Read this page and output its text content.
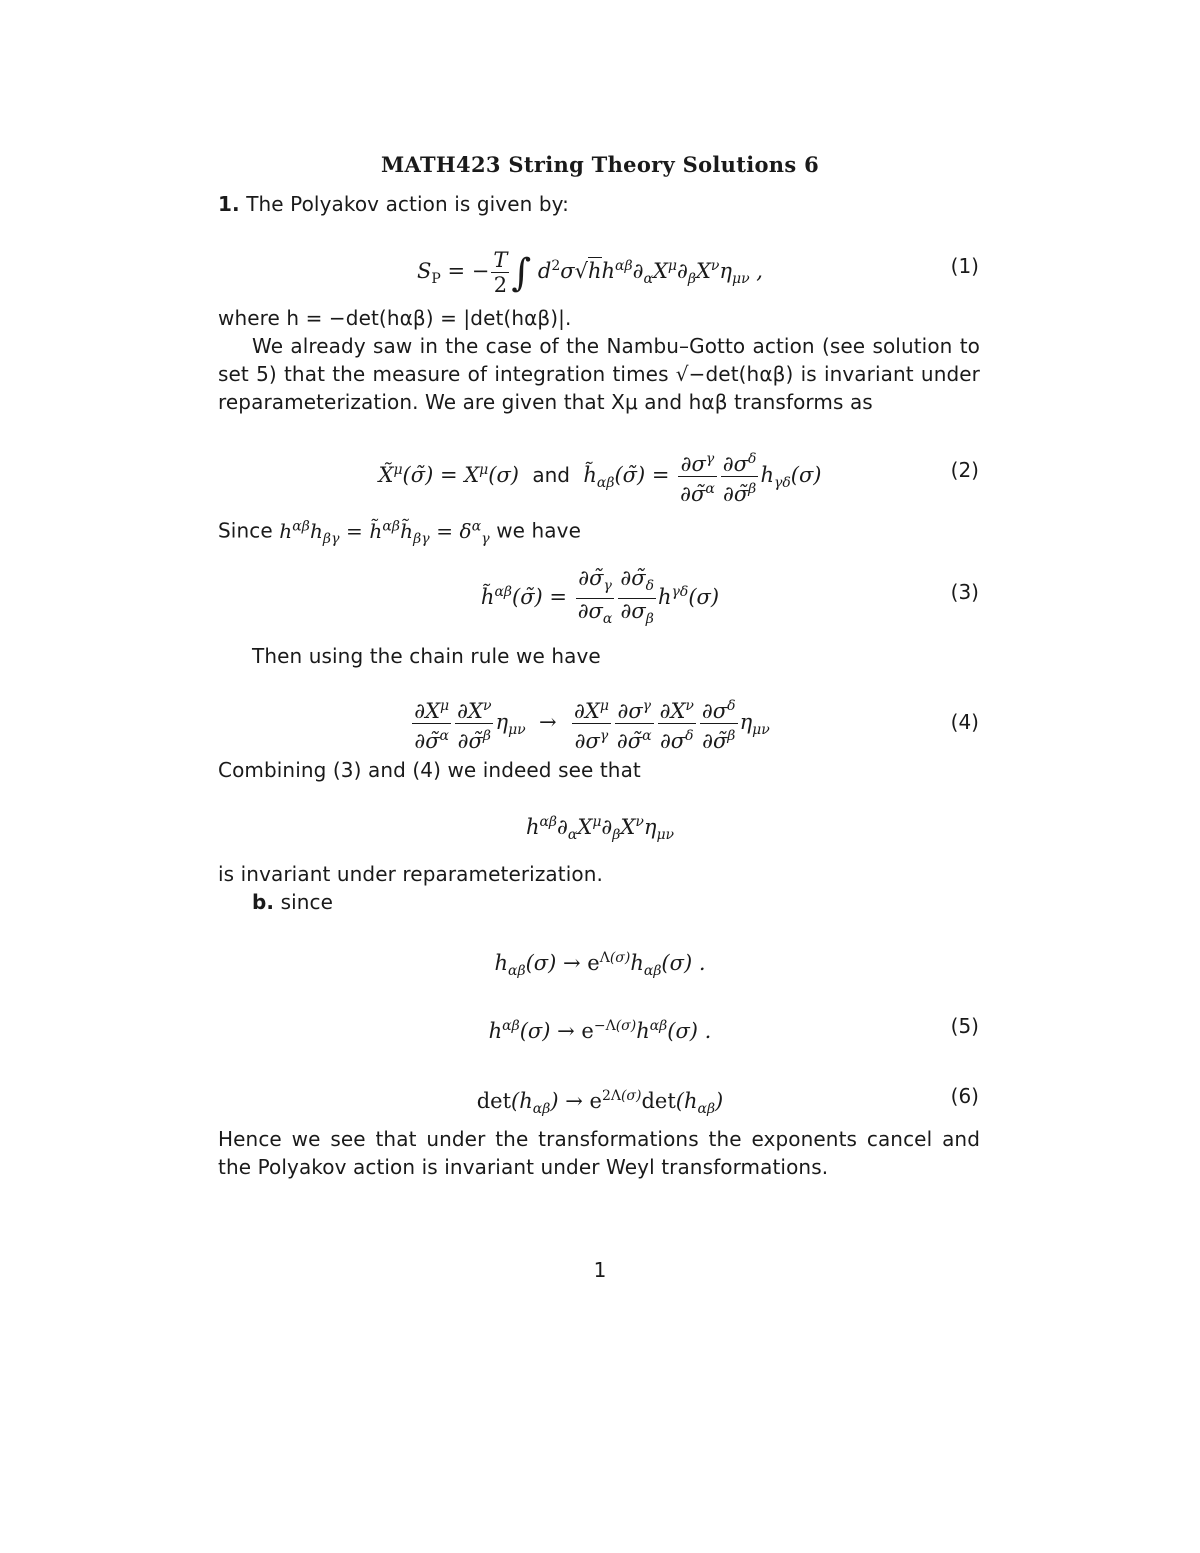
MATH423 String Theory Solutions 6
1. The Polyakov action is given by:
$S_P$ = − $\frac{T}{2}$ ∫ $d^2\sigma√hh^{\alpha\beta}\partial_\alpha X^\mu\partial_\beta X^\nu\eta_{\mu\nu}$ ,	(1)
where h = −det(hαβ) = |det(hαβ)|.
We already saw in the case of the Nambu–Gotto action (see solution to set 5) that the measure of integration times √−det(hαβ) is invariant under reparameterization. We are given that Xμ and hαβ transforms as
X̃$^\mu$(σ̃) = $X^\mu(\sigma)$  and  $h̃_{\alpha\beta}(\sigmã) = \frac{\partial\sigma^\gamma}{\partial\sigmã^\alpha} \frac{\partial\sigma^\delta}{\partial\sigmã^\beta} h_{\gamma\delta}(\sigma)$	(2)
Since $h^{\alpha\beta}h_{\beta\gamma}$ = $h̃^{\alpha\beta}h̃_{\beta\gamma} = \delta^\alpha_\gamma$ we have
h̃$^{\alpha\beta}$(σ̃) = $\frac{\partial\sigmã_\gamma}{\partial\sigma_\alpha} \frac{\partial\sigmã_\delta}{\partial\sigma_\beta} h^{\gamma\delta}(\sigma)$	(3)
Then using the chain rule we have
$\frac{\partial X^\mu}{\partial\sigmã^\alpha} \frac{\partial X^\nu}{\partial\sigmã^\beta} \eta_{\mu\nu} \to \frac{\partial X^\mu}{\partial\sigma^\gamma} \frac{\partial\sigma^\gamma}{\partial\sigmã^\alpha} \frac{\partial X^\nu}{\partial\sigma^\delta} \frac{\partial\sigma^\delta}{\partial\sigmã^\beta} \eta_{\mu\nu}$	(4)
Combining (3) and (4) we indeed see that
$h^{\alpha\beta}\partial_\alpha X^\mu\partial_\beta X^\nu\eta_{\mu\nu}$
is invariant under reparameterization.
b. since
$h_{\alpha\beta}(\sigma) \to e^{\Lambda(\sigma)}h_{\alpha\beta}(\sigma)$ .
$h^{\alpha\beta}(\sigma) \to e^{-\Lambda(\sigma)}h^{\alpha\beta}(\sigma)$ .	(5)
$\det(h_{\alpha\beta}) \to e^{2\Lambda(\sigma)}\det(h_{\alpha\beta})$	(6)
Hence we see that under the transformations the exponents cancel and the Polyakov action is invariant under Weyl transformations.
1
